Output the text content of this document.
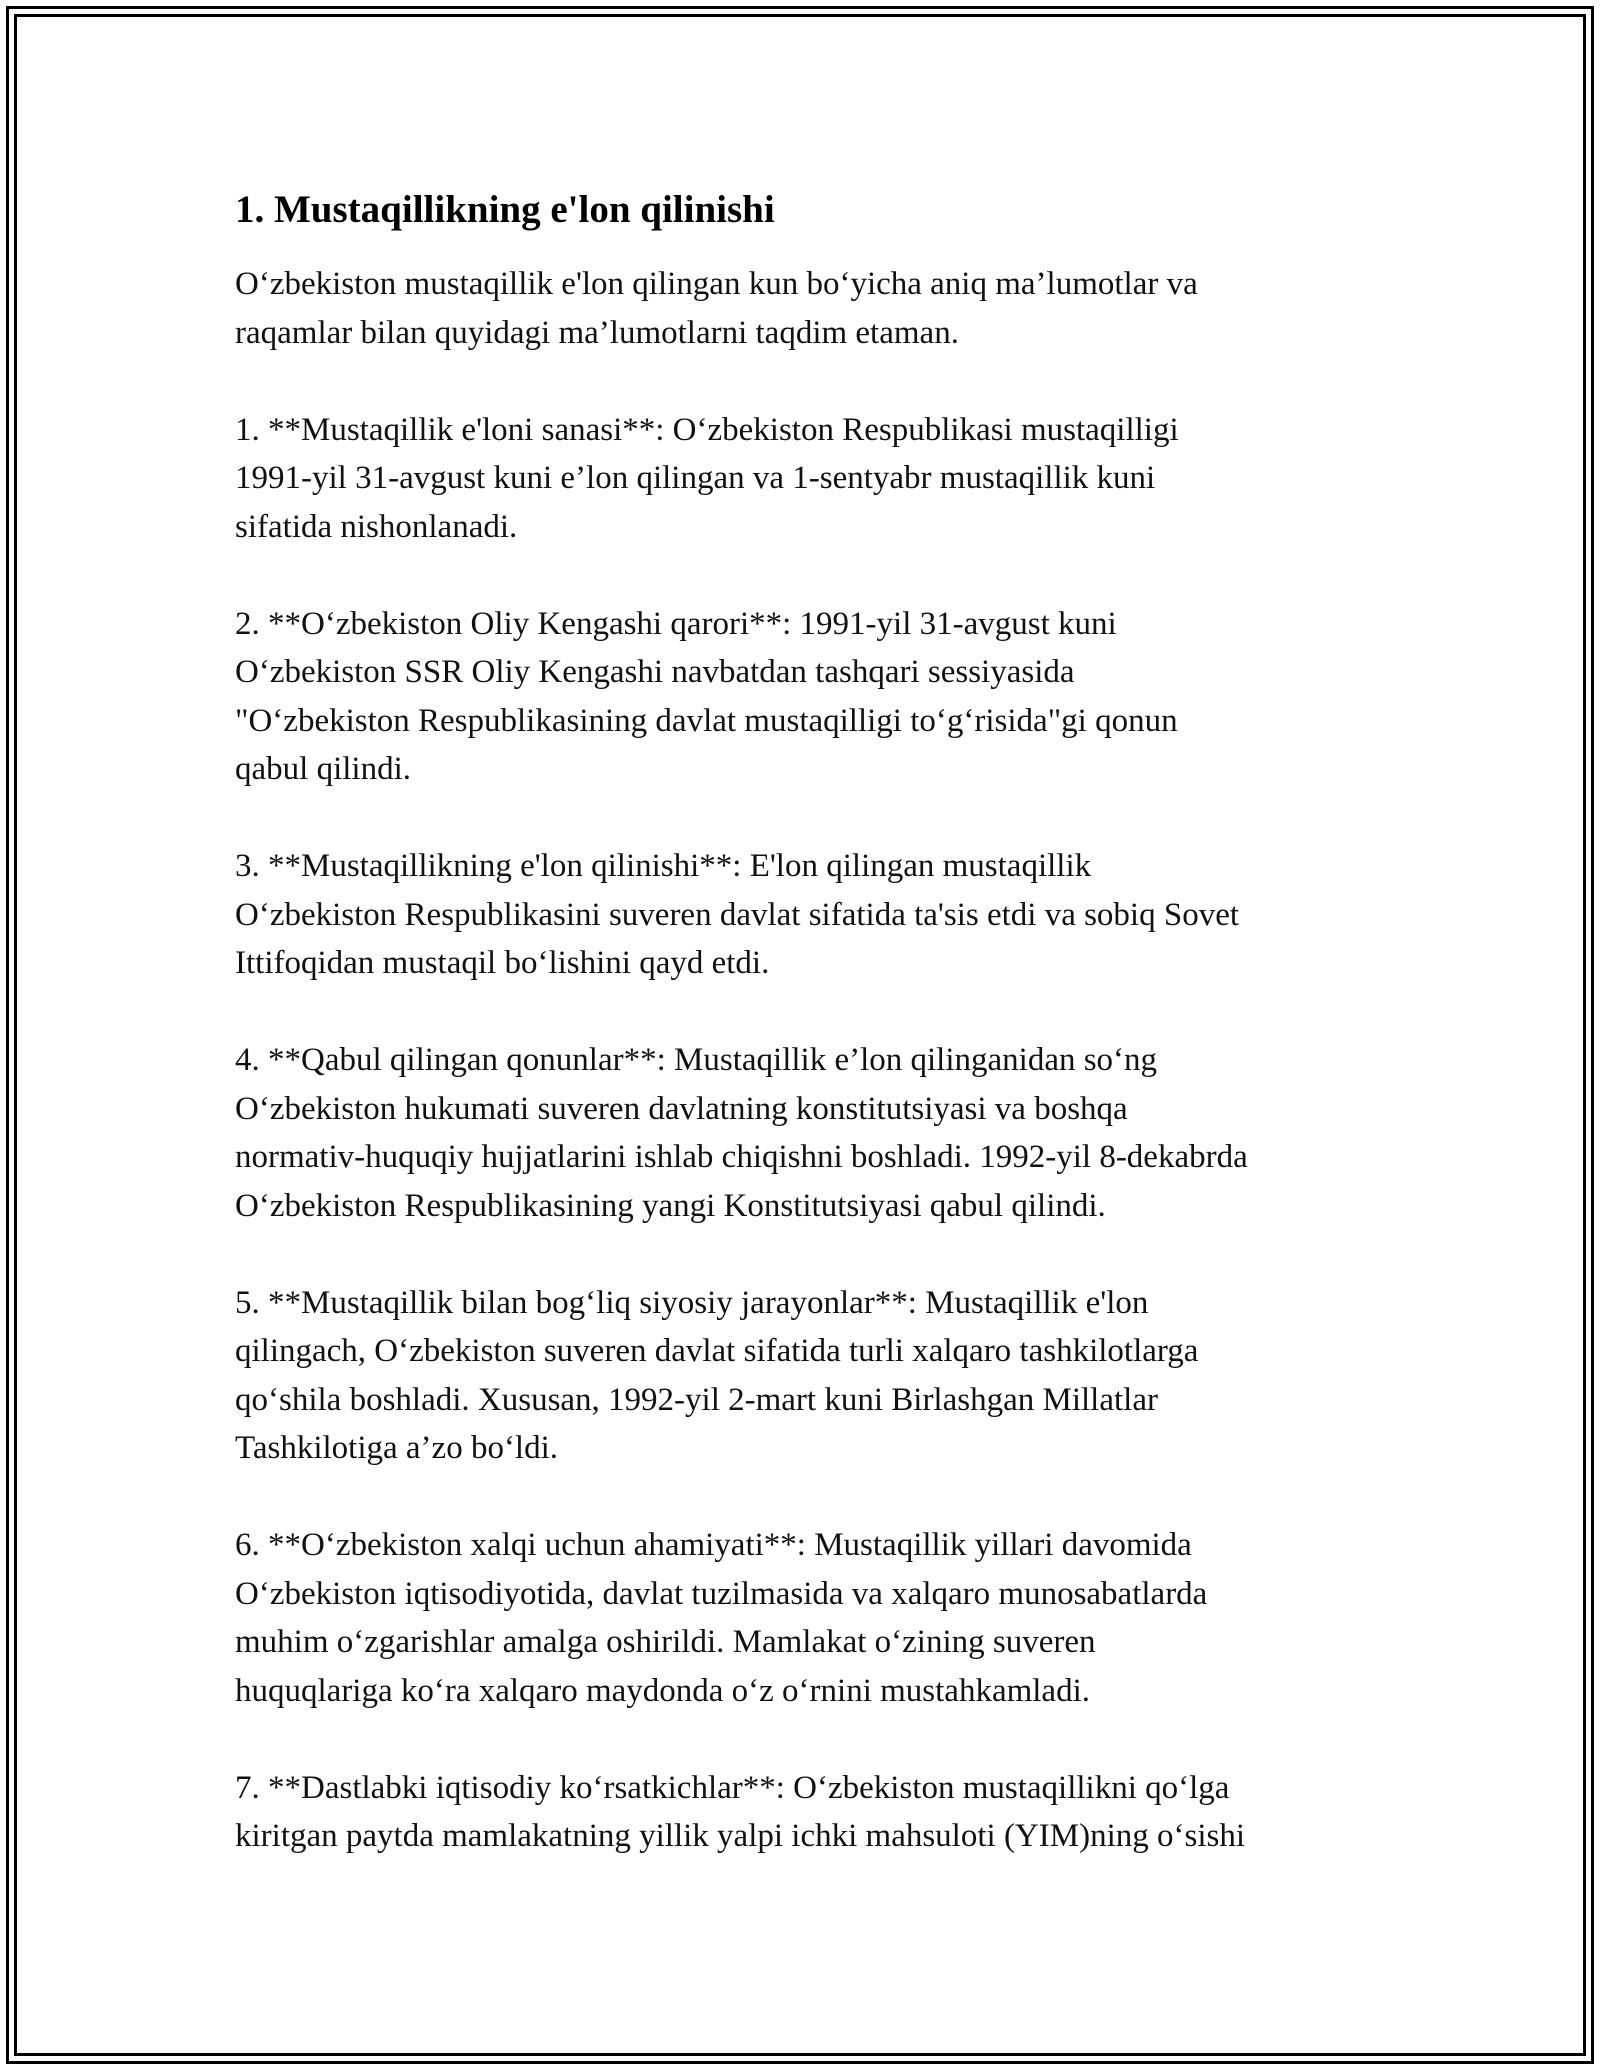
1. Mustaqillikning e'lon qilinishi

O‘zbekiston mustaqillik e'lon qilingan kun bo‘yicha aniq ma’lumotlar va
raqamlar bilan quyidagi ma’lumotlarni taqdim etaman.

1. **Mustaqillik e'loni sanasi**: O‘zbekiston Respublikasi mustaqilligi
1991-yil 31-avgust kuni e’lon qilingan va 1-sentyabr mustaqillik kuni
sifatida nishonlanadi.

2. **O‘zbekiston Oliy Kengashi qarori**: 1991-yil 31-avgust kuni
O‘zbekiston SSR Oliy Kengashi navbatdan tashqari sessiyasida
"O‘zbekiston Respublikasining davlat mustaqilligi to‘g‘risida"gi qonun
qabul qilindi.

3. **Mustaqillikning e'lon qilinishi**: E'lon qilingan mustaqillik
O‘zbekiston Respublikasini suveren davlat sifatida ta'sis etdi va sobiq Sovet
Ittifoqidan mustaqil bo‘lishini qayd etdi.

4. **Qabul qilingan qonunlar**: Mustaqillik e’lon qilinganidan so‘ng
O‘zbekiston hukumati suveren davlatning konstitutsiyasi va boshqa
normativ-huquqiy hujjatlarini ishlab chiqishni boshladi. 1992-yil 8-dekabrda
O‘zbekiston Respublikasining yangi Konstitutsiyasi qabul qilindi.

5. **Mustaqillik bilan bog‘liq siyosiy jarayonlar**: Mustaqillik e'lon
qilingach, O‘zbekiston suveren davlat sifatida turli xalqaro tashkilotlarga
qo‘shila boshladi. Xususan, 1992-yil 2-mart kuni Birlashgan Millatlar
Tashkilotiga a’zo bo‘ldi.

6. **O‘zbekiston xalqi uchun ahamiyati**: Mustaqillik yillari davomida
O‘zbekiston iqtisodiyotida, davlat tuzilmasida va xalqaro munosabatlarda
muhim o‘zgarishlar amalga oshirildi. Mamlakat o‘zining suveren
huquqlariga ko‘ra xalqaro maydonda o‘z o‘rnini mustahkamladi.

7. **Dastlabki iqtisodiy ko‘rsatkichlar**: O‘zbekiston mustaqillikni qo‘lga
kiritgan paytda mamlakatning yillik yalpi ichki mahsuloti (YIM)ning o‘sishi
